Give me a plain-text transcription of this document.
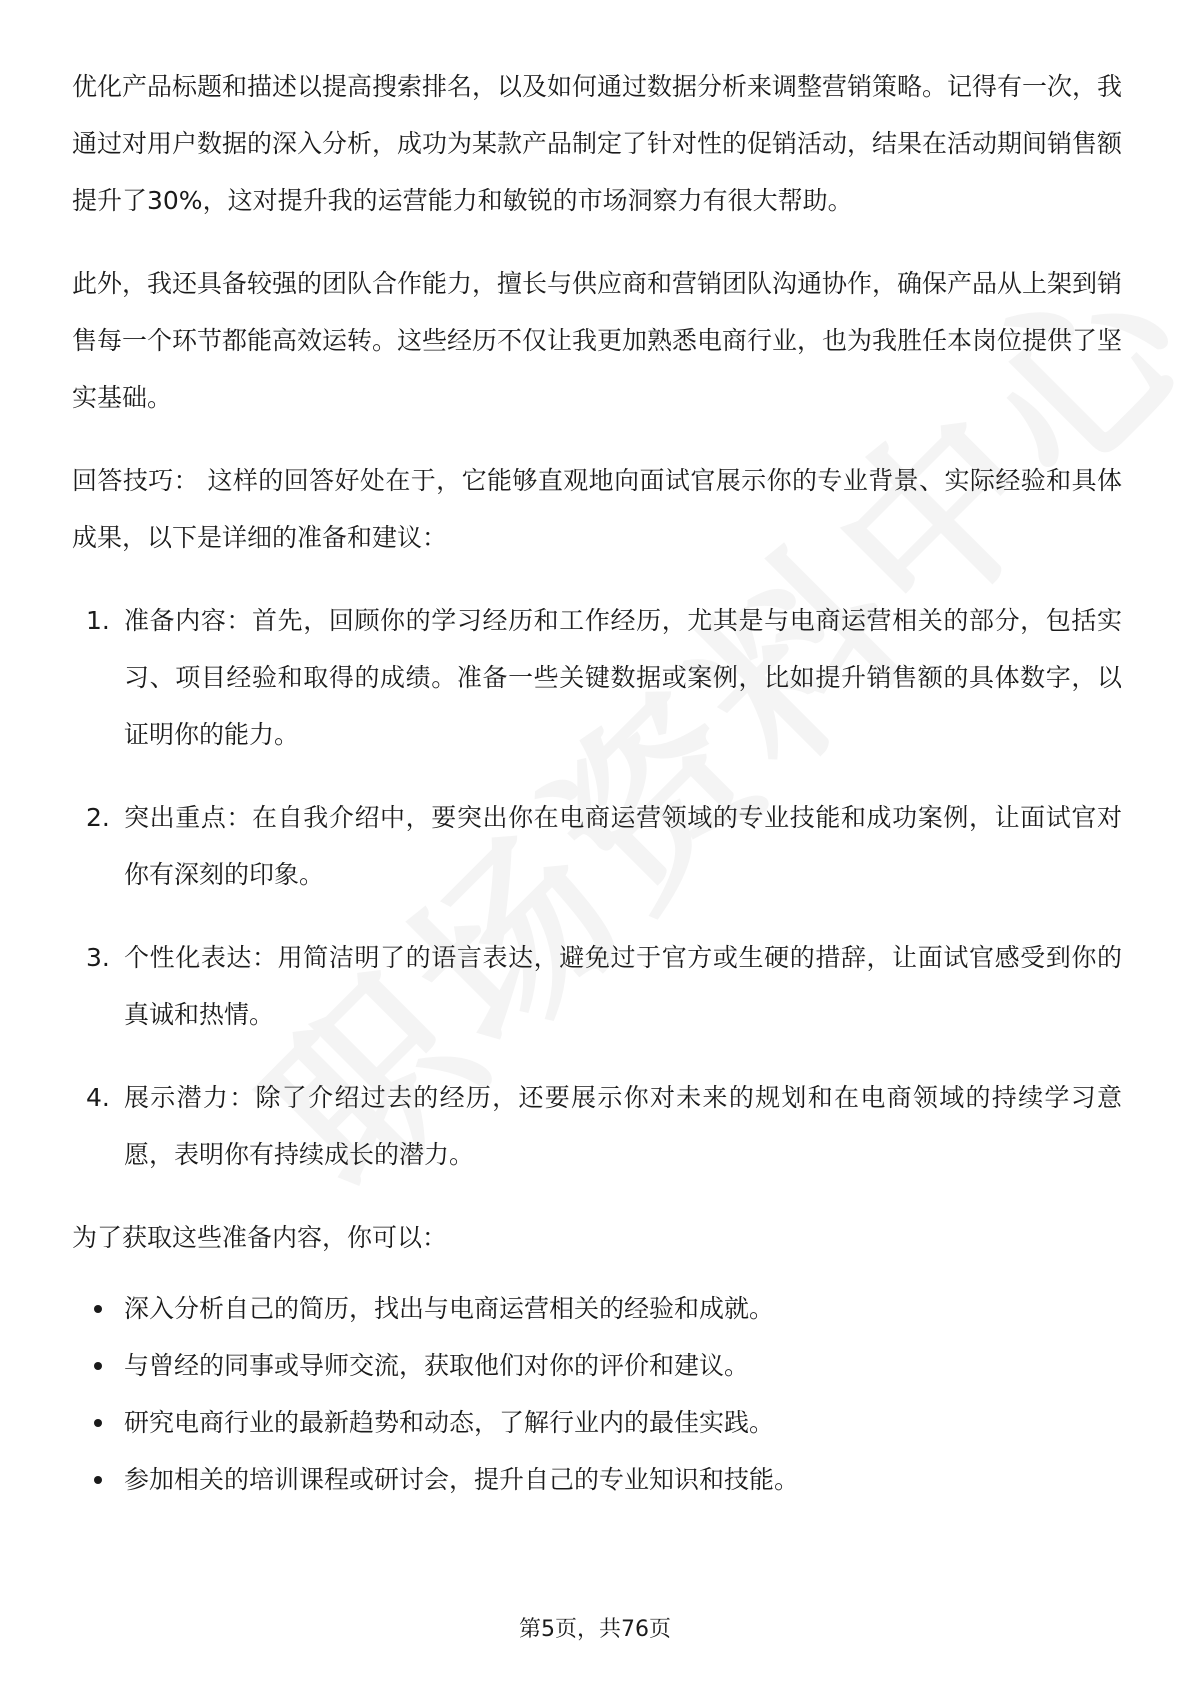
优化产品标题和描述以提高搜索排名，以及如何通过数据分析来调整营销策略。记得有一次，我通过对用户数据的深入分析，成功为某款产品制定了针对性的促销活动，结果在活动期间销售额提升了30%，这对提升我的运营能力和敏锐的市场洞察力有很大帮助。

此外，我还具备较强的团队合作能力，擅长与供应商和营销团队沟通协作，确保产品从上架到销售每一个环节都能高效运转。这些经历不仅让我更加熟悉电商行业，也为我胜任本岗位提供了坚实基础。

回答技巧： 这样的回答好处在于，它能够直观地向面试官展示你的专业背景、实际经验和具体成果，以下是详细的准备和建议：

1. 准备内容：首先，回顾你的学习经历和工作经历，尤其是与电商运营相关的部分，包括实习、项目经验和取得的成绩。准备一些关键数据或案例，比如提升销售额的具体数字，以证明你的能力。
2. 突出重点：在自我介绍中，要突出你在电商运营领域的专业技能和成功案例，让面试官对你有深刻的印象。
3. 个性化表达：用简洁明了的语言表达，避免过于官方或生硬的措辞，让面试官感受到你的真诚和热情。
4. 展示潜力：除了介绍过去的经历，还要展示你对未来的规划和在电商领域的持续学习意愿，表明你有持续成长的潜力。

为了获取这些准备内容，你可以：

深入分析自己的简历，找出与电商运营相关的经验和成就。
与曾经的同事或导师交流，获取他们对你的评价和建议。
研究电商行业的最新趋势和动态，了解行业内的最佳实践。
参加相关的培训课程或研讨会，提升自己的专业知识和技能。
第5页，共76页
